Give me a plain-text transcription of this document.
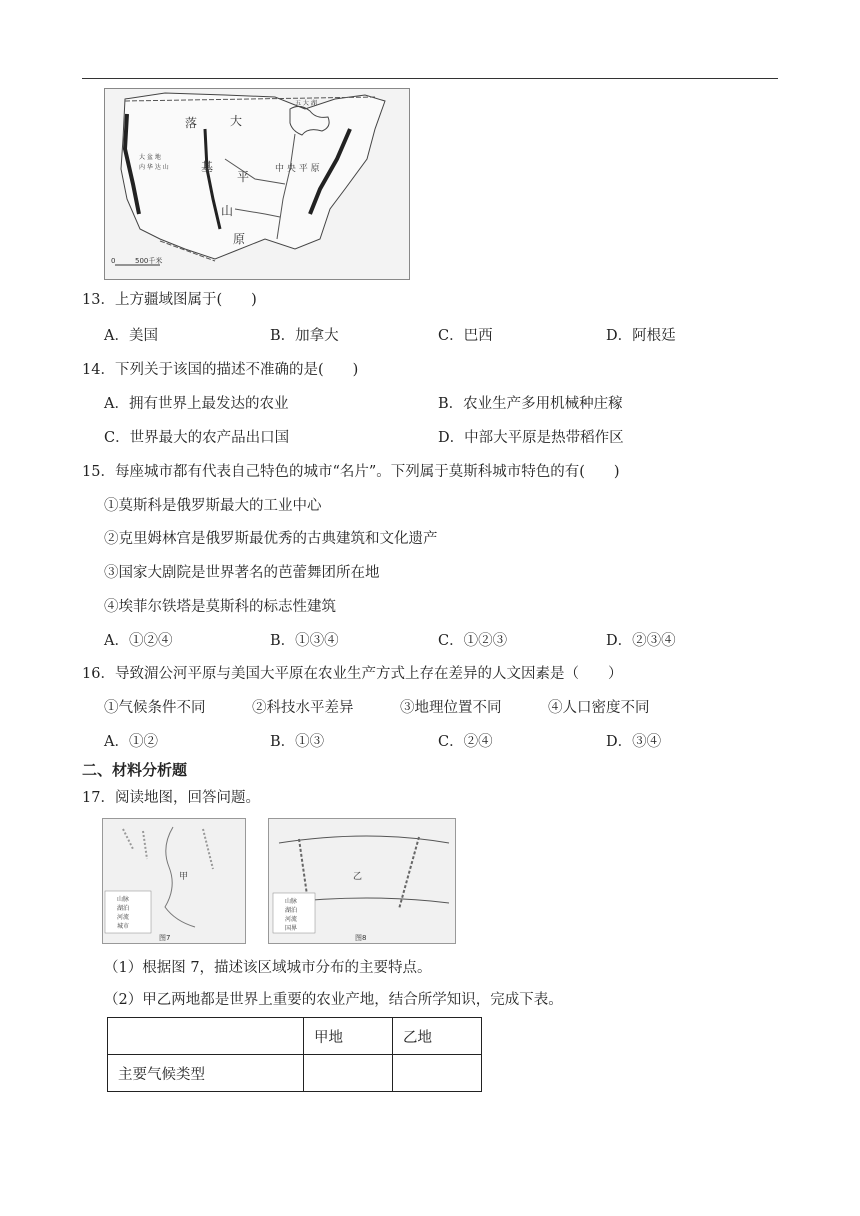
0	500千米
落	大
基
平
山
原
中 央 平 原
大 盆 地
内 华 达 山
五 大 湖
13．上方疆域图属于(　　)
A．美国	B．加拿大	C．巴西	D．阿根廷
14．下列关于该国的描述不准确的是(　　)
A．拥有世界上最发达的农业	B．农业生产多用机械种庄稼
C．世界最大的农产品出口国	D．中部大平原是热带稻作区
15．每座城市都有代表自己特色的城市“名片”。下列属于莫斯科城市特色的有(　　)
①莫斯科是俄罗斯最大的工业中心
②克里姆林宫是俄罗斯最优秀的古典建筑和文化遗产
③国家大剧院是世界著名的芭蕾舞团所在地
④埃菲尔铁塔是莫斯科的标志性建筑
A．①②④	B．①③④	C．①②③	D．②③④
16．导致湄公河平原与美国大平原在农业生产方式上存在差异的人文因素是（　　）
①气候条件不同	②科技水平差异	③地理位置不同	④人口密度不同
A．①②	B．①③	C．②④	D．③④
二、材料分析题
17．阅读地图，回答问题。
甲
山脉
湖泊
河流
城市
图7
乙
山脉
湖泊
河流
国界
图8
（1）根据图 7，描述该区域城市分布的主要特点。
（2）甲乙两地都是世界上重要的农业产地，结合所学知识，完成下表。
	甲地	乙地
主要气候类型		
